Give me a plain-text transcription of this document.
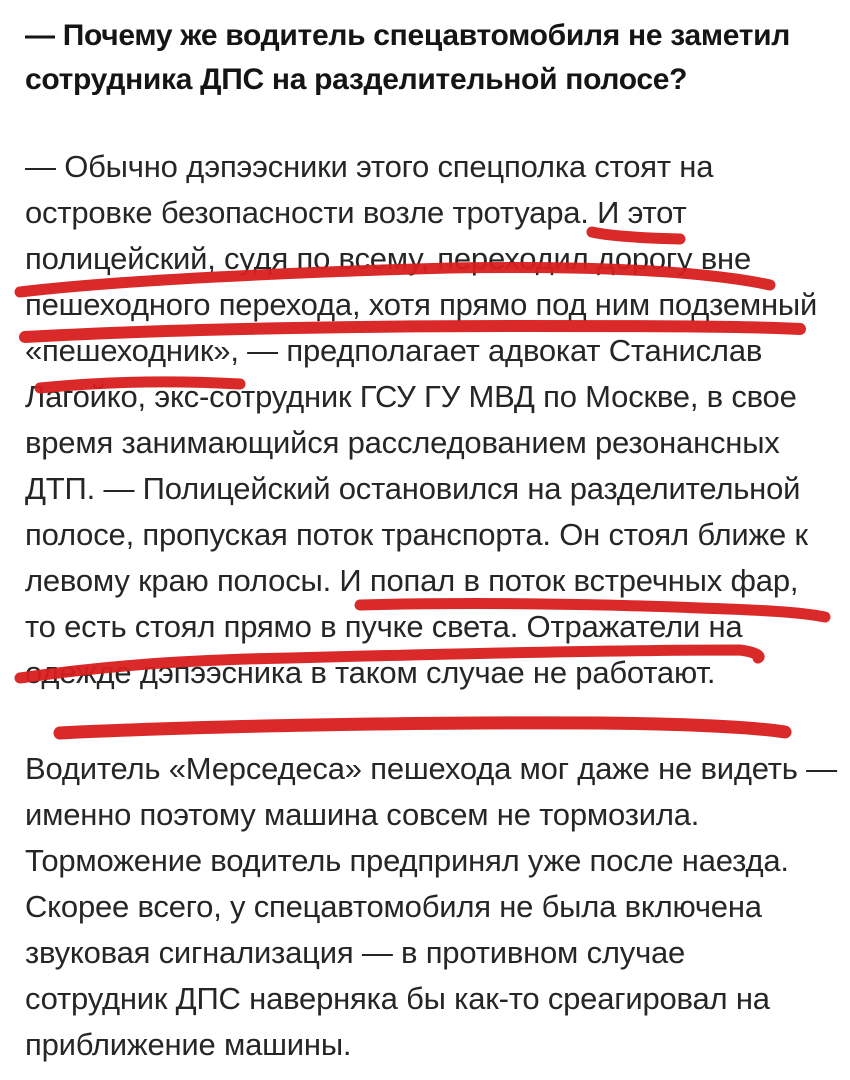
— Почему же водитель спецавтомобиля не заметил
сотрудника ДПС на разделительной полосе?
— Обычно дэпээсники этого спецполка стоят на
островке безопасности возле тротуара. И этот
полицейский, судя по всему, переходил дорогу вне
пешеходного перехода, хотя прямо под ним подземный
«пешеходник», — предполагает адвокат Станислав
Лагойко, экс-сотрудник ГСУ ГУ МВД по Москве, в свое
время занимающийся расследованием резонансных
ДТП. — Полицейский остановился на разделительной
полосе, пропуская поток транспорта. Он стоял ближе к
левому краю полосы. И попал в поток встречных фар,
то есть стоял прямо в пучке света. Отражатели на
одежде дэпээсника в таком случае не работают.
Водитель «Мерседеса» пешехода мог даже не видеть —
именно поэтому машина совсем не тормозила.
Торможение водитель предпринял уже после наезда.
Скорее всего, у спецавтомобиля не была включена
звуковая сигнализация — в противном случае
сотрудник ДПС наверняка бы как-то среагировал на
приближение машины.
